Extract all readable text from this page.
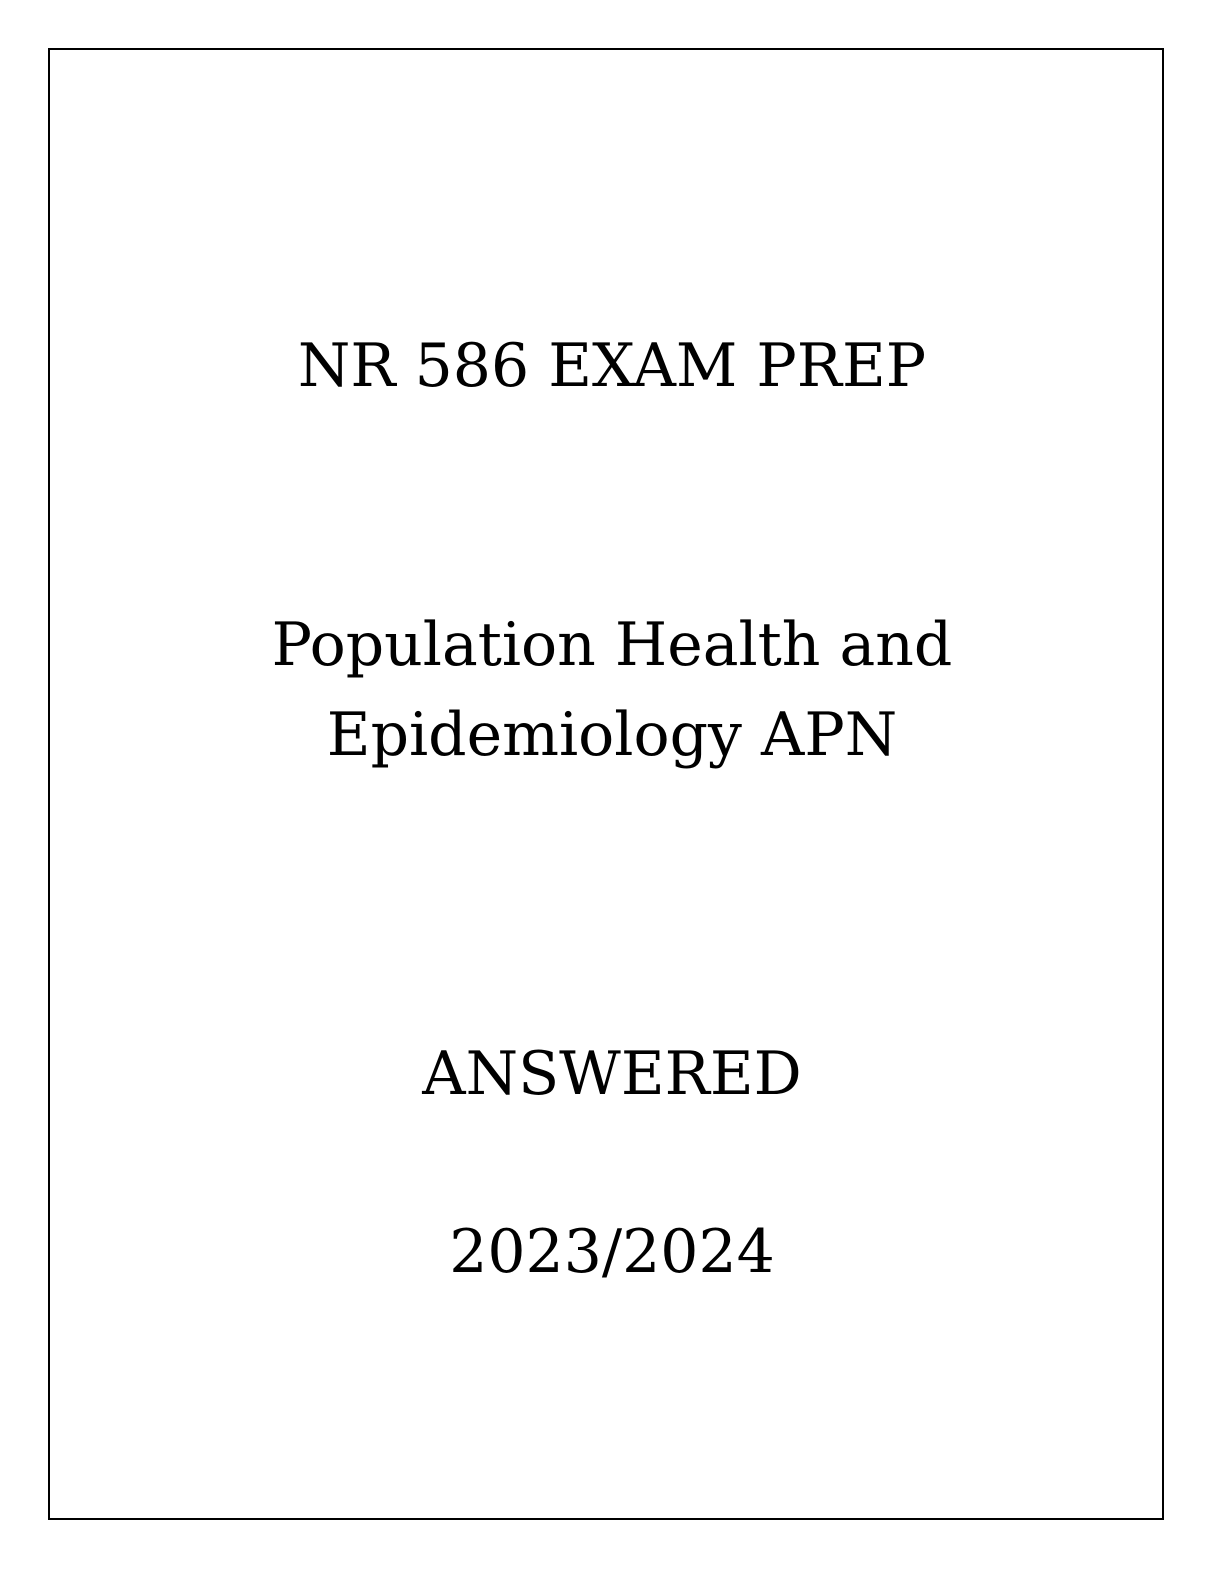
NR 586 EXAM PREP
Population Health and
Epidemiology APN
ANSWERED
2023/2024
